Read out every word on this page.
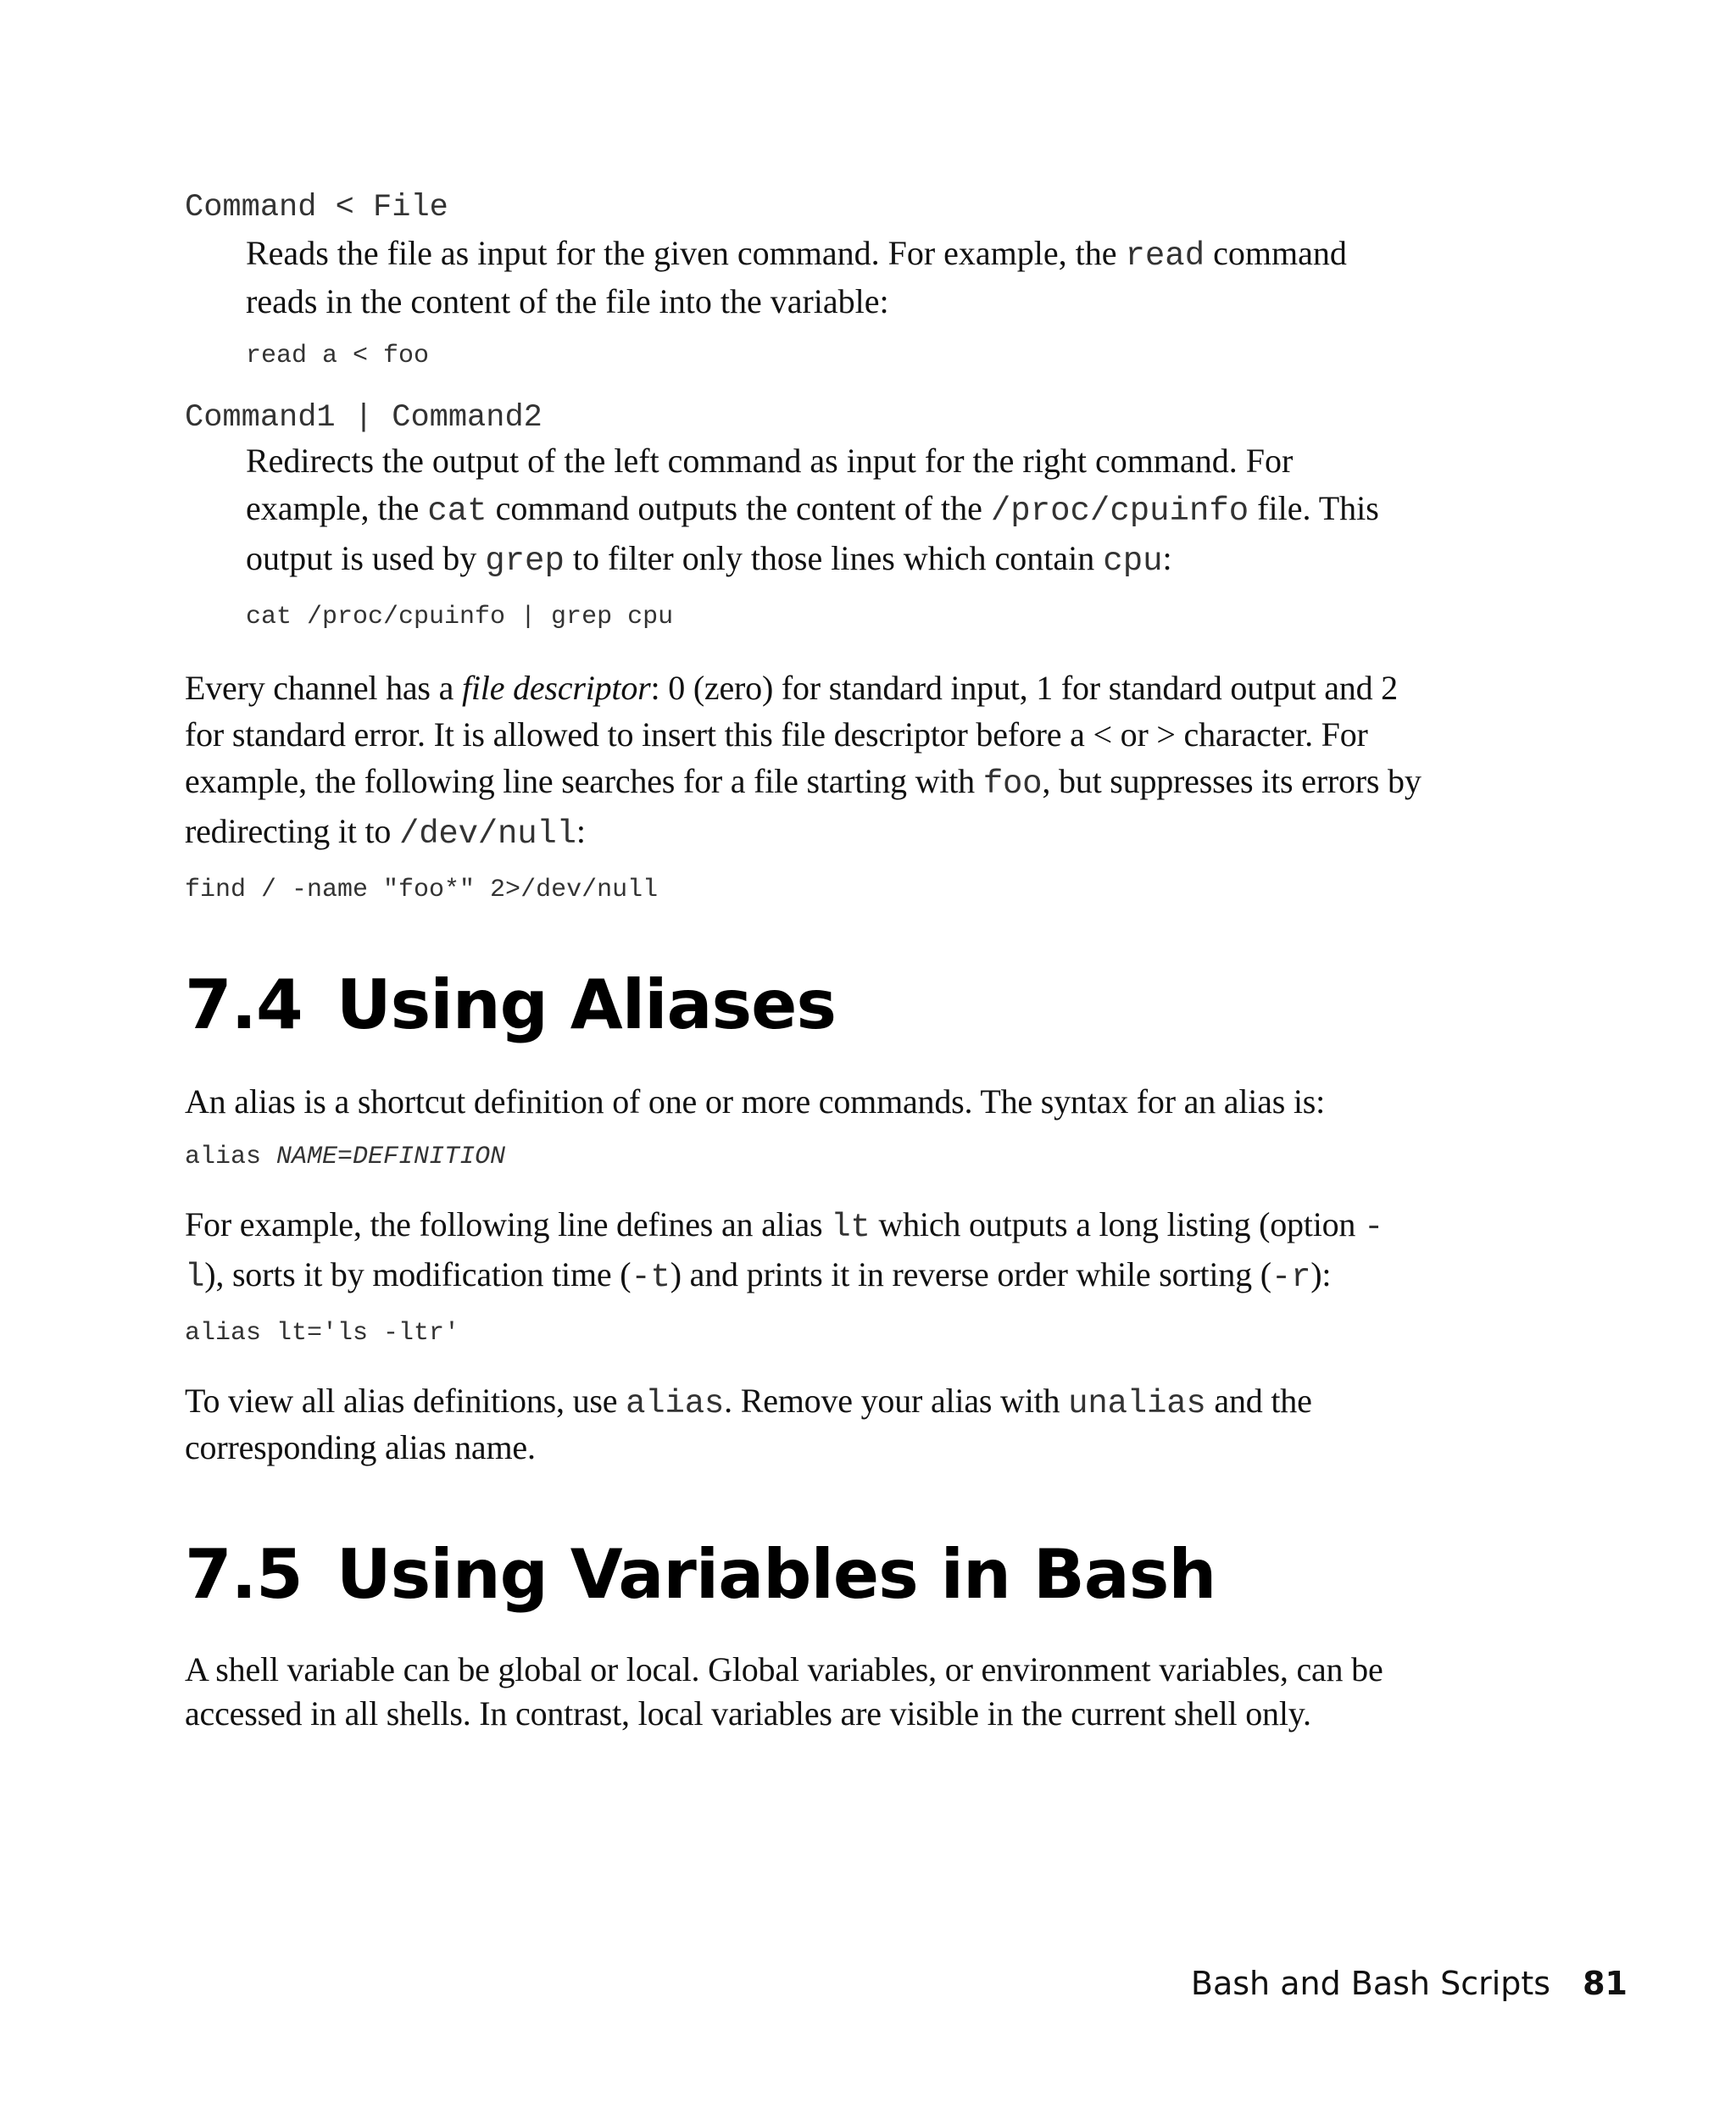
Command < File

Reads the file as input for the given command. For example, the read command reads in the content of the file into the variable:

read a < foo
Command1 | Command2

Redirects the output of the left command as input for the right command. For example, the cat command outputs the content of the /proc/cpuinfo file. This output is used by grep to filter only those lines which contain cpu:

cat /proc/cpuinfo | grep cpu

Every channel has a file descriptor: 0 (zero) for standard input, 1 for standard output and 2 for standard error. It is allowed to insert this file descriptor before a < or > character. For example, the following line searches for a file starting with foo, but suppresses its errors by redirecting it to /dev/null:

find / -name "foo*" 2>/dev/null
7.4 Using Aliases

An alias is a shortcut definition of one or more commands. The syntax for an alias is:

alias NAME=DEFINITION

For example, the following line defines an alias lt which outputs a long listing (option -l), sorts it by modification time (-t) and prints it in reverse order while sorting (-r):

alias lt='ls -ltr'

To view all alias definitions, use alias. Remove your alias with unalias and the corresponding alias name.

7.5 Using Variables in Bash

A shell variable can be global or local. Global variables, or environment variables, can be accessed in all shells. In contrast, local variables are visible in the current shell only.

Bash and Bash Scripts 81
